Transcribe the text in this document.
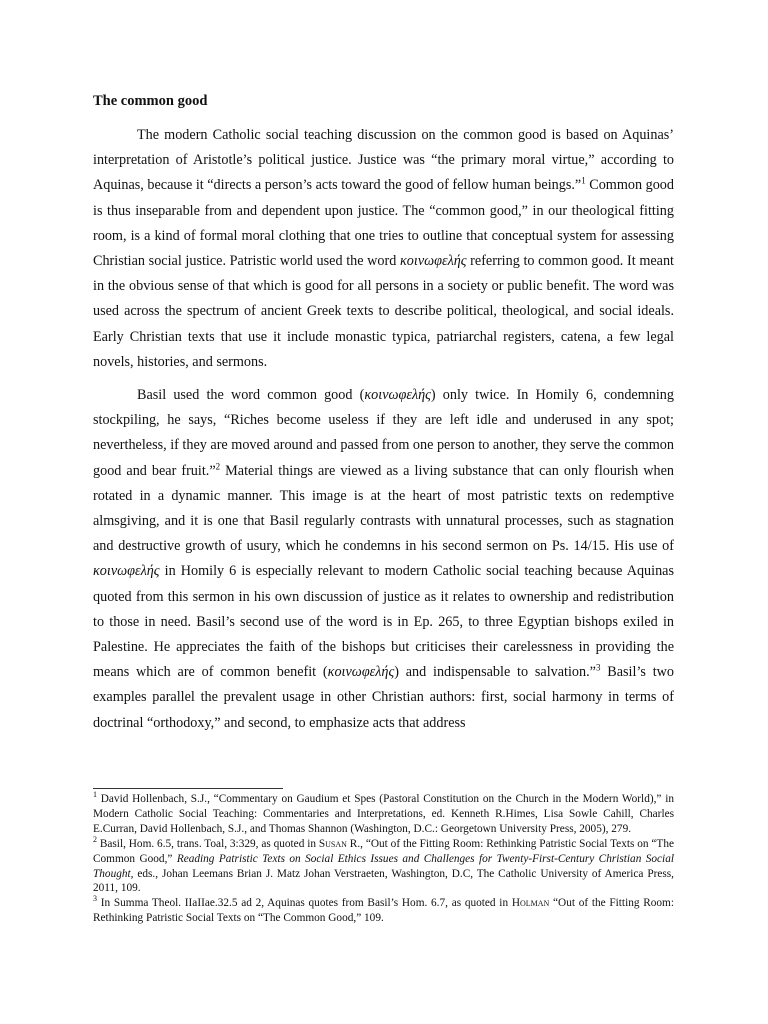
The common good

The modern Catholic social teaching discussion on the common good is based on Aquinas’ interpretation of Aristotle’s political justice. Justice was “the primary moral virtue,” according to Aquinas, because it “directs a person’s acts toward the good of fellow human beings.”$^1$ Common good is thus inseparable from and dependent upon justice. The “common good,” in our theological fitting room, is a kind of formal moral clothing that one tries to outline that conceptual system for assessing Christian social justice. Patristic world used the word κοινωφελής referring to common good. It meant in the obvious sense of that which is good for all persons in a society or public benefit. The word was used across the spectrum of ancient Greek texts to describe political, theological, and social ideals. Early Christian texts that use it include monastic typica, patriarchal registers, catena, a few legal novels, histories, and sermons.

Basil used the word common good (κοινωφελής) only twice. In Homily 6, condemning stockpiling, he says, “Riches become useless if they are left idle and underused in any spot; nevertheless, if they are moved around and passed from one person to another, they serve the common good and bear fruit.”$^2$ Material things are viewed as a living substance that can only flourish when rotated in a dynamic manner. This image is at the heart of most patristic texts on redemptive almsgiving, and it is one that Basil regularly contrasts with unnatural processes, such as stagnation and destructive growth of usury, which he condemns in his second sermon on Ps. 14/15. His use of κοινωφελής in Homily 6 is especially relevant to modern Catholic social teaching because Aquinas quoted from this sermon in his own discussion of justice as it relates to ownership and redistribution to those in need. Basil’s second use of the word is in Ep. 265, to three Egyptian bishops exiled in Palestine. He appreciates the faith of the bishops but criticises their carelessness in providing the means which are of common benefit (κοινωφελής) and indispensable to salvation.”$^3$ Basil’s two examples parallel the prevalent usage in other Christian authors: first, social harmony in terms of doctrinal “orthodoxy,” and second, to emphasize acts that address

$^1$ David Hollenbach, S.J., “Commentary on Gaudium et Spes (Pastoral Constitution on the Church in the Modern World),” in Modern Catholic Social Teaching: Commentaries and Interpretations, ed. Kenneth R.Himes, Lisa Sowle Cahill, Charles E.Curran, David Hollenbach, S.J., and Thomas Shannon (Washington, D.C.: Georgetown University Press, 2005), 279.

$^2$ Basil, Hom. 6.5, trans. Toal, 3:329, as quoted in Susan R., “Out of the Fitting Room: Rethinking Patristic Social Texts on “The Common Good,” Reading Patristic Texts on Social Ethics Issues and Challenges for Twenty-First-Century Christian Social Thought, eds., Johan Leemans Brian J. Matz Johan Verstraeten, Washington, D.C, The Catholic University of America Press, 2011, 109.

$^3$ In Summa Theol. IIaIIae.32.5 ad 2, Aquinas quotes from Basil’s Hom. 6.7, as quoted in Holman “Out of the Fitting Room: Rethinking Patristic Social Texts on “The Common Good,” 109.
